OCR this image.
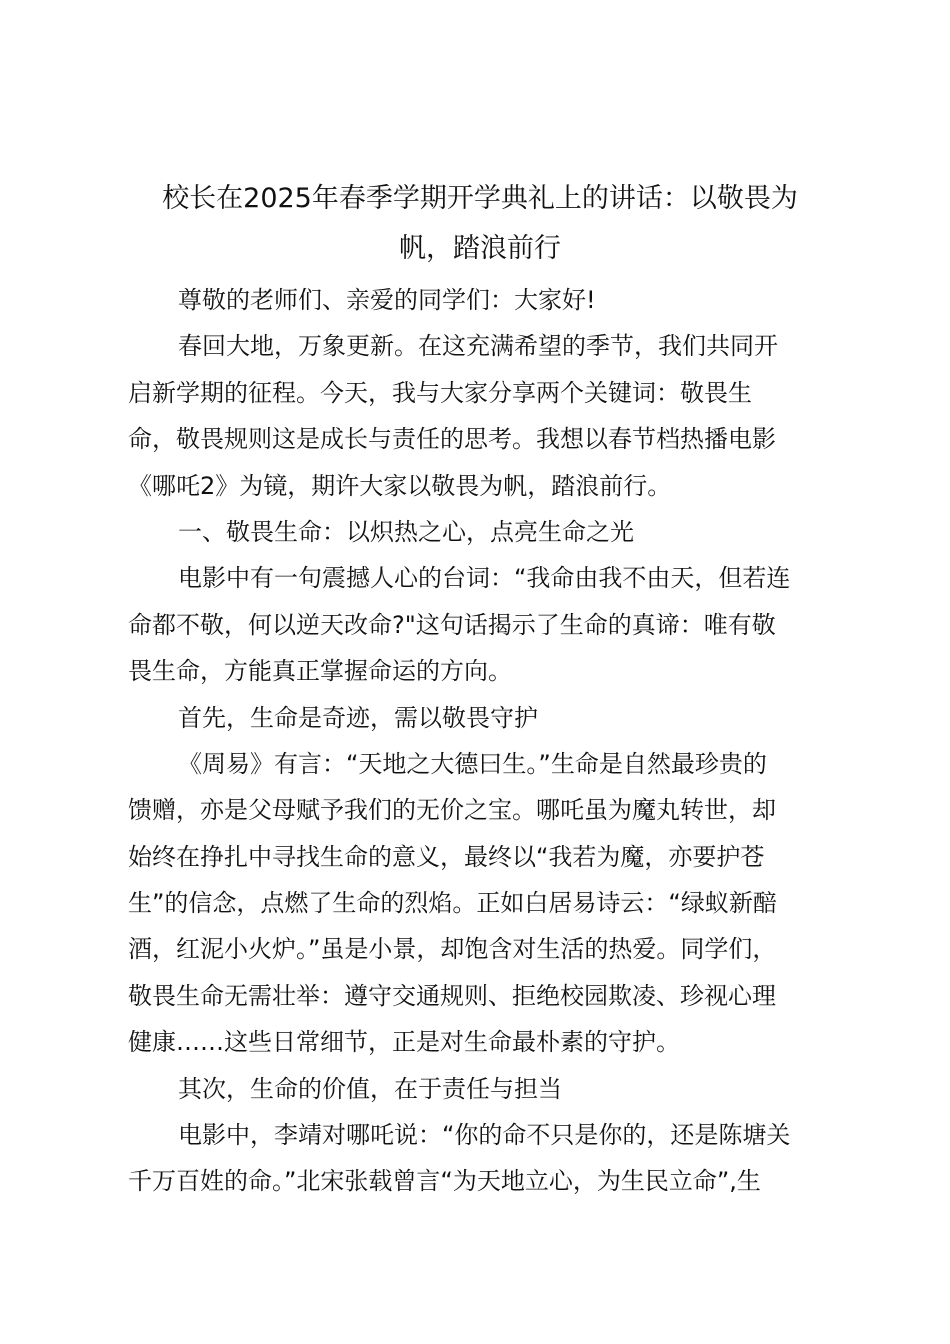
校长在2025年春季学期开学典礼上的讲话：以敬畏为
帆，踏浪前行
尊敬的老师们、亲爱的同学们：大家好!
春回大地，万象更新。在这充满希望的季节，我们共同开
启新学期的征程。今天，我与大家分享两个关键词：敬畏生
命，敬畏规则这是成长与责任的思考。我想以春节档热播电影
《哪吒2》为镜，期许大家以敬畏为帆，踏浪前行。
一、敬畏生命：以炽热之心，点亮生命之光
电影中有一句震撼人心的台词：“我命由我不由天，但若连
命都不敬，何以逆天改命?"这句话揭示了生命的真谛：唯有敬
畏生命，方能真正掌握命运的方向。
首先，生命是奇迹，需以敬畏守护
《周易》有言：“天地之大德曰生。”生命是自然最珍贵的
馈赠，亦是父母赋予我们的无价之宝。哪吒虽为魔丸转世，却
始终在挣扎中寻找生命的意义，最终以“我若为魔，亦要护苍
生”的信念，点燃了生命的烈焰。正如白居易诗云：“绿蚁新醅
酒，红泥小火炉。”虽是小景，却饱含对生活的热爱。同学们，
敬畏生命无需壮举：遵守交通规则、拒绝校园欺凌、珍视心理
健康……这些日常细节，正是对生命最朴素的守护。
其次，生命的价值，在于责任与担当
电影中，李靖对哪吒说：“你的命不只是你的，还是陈塘关
千万百姓的命。”北宋张载曾言“为天地立心，为生民立命”,生
